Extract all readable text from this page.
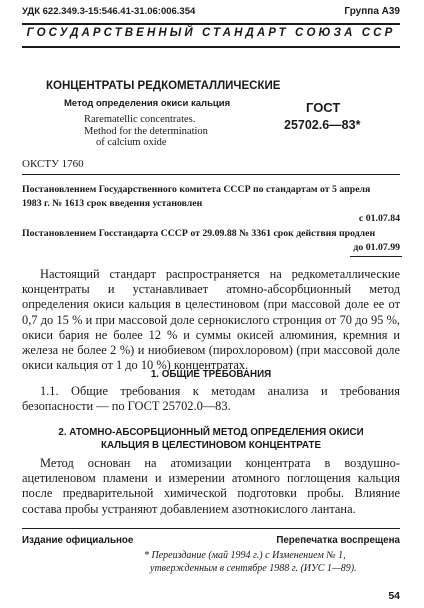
УДК 622.349.3-15:546.41-31.06:006.354	Группа А39
ГОСУДАРСТВЕННЫЙ СТАНДАРТ СОЮЗА ССР
КОНЦЕНТРАТЫ РЕДКОМЕТАЛЛИЧЕСКИЕ
Метод определения окиси кальция
Rarematellic concentrates.
Method for the determination
of calcium oxide
ГОСТ
25702.6—83*
ОКСТУ 1760
Постановлением Государственного комитета СССР по стандартам от 5 апреля
1983 г. № 1613 срок введения установлен
с 01.07.84
Постановлением Госстандарта СССР от 29.09.88 № 3361 срок действия продлен
до 01.07.99

Настоящий стандарт распространяется на редкометаллические концентраты и устанавливает атомно-абсорбционный метод определения окиси кальция в целестиновом (при массовой доле ее от 0,7 до 15 % и при массовой доле сернокислого стронция от 70 до 95 %, окиси бария не более 12 % и суммы окисей алюминия, кремния и железа не более 2 %) и ниобиевом (пирохлоровом) (при массовой доле окиси кальция от 1 до 10 %) концентратах.

1. ОБЩИЕ ТРЕБОВАНИЯ

1.1. Общие требования к методам анализа и требования безопасности — по ГОСТ 25702.0—83.

2. АТОМНО-АБСОРБЦИОННЫЙ МЕТОД ОПРЕДЕЛЕНИЯ ОКИСИ
КАЛЬЦИЯ В ЦЕЛЕСТИНОВОМ КОНЦЕНТРАТЕ

Метод основан на атомизации концентрата в воздушно-ацетиленовом пламени и измерении атомного поглощения кальция после предварительной химической подготовки пробы. Влияние состава пробы устраняют добавлением азотнокислого лантана.

Издание официальное	Перепечатка воспрещена
* Переиздание (май 1994 г.) с Изменением № 1,
утвержденным в сентябре 1988 г. (ИУС 1—89).
54
